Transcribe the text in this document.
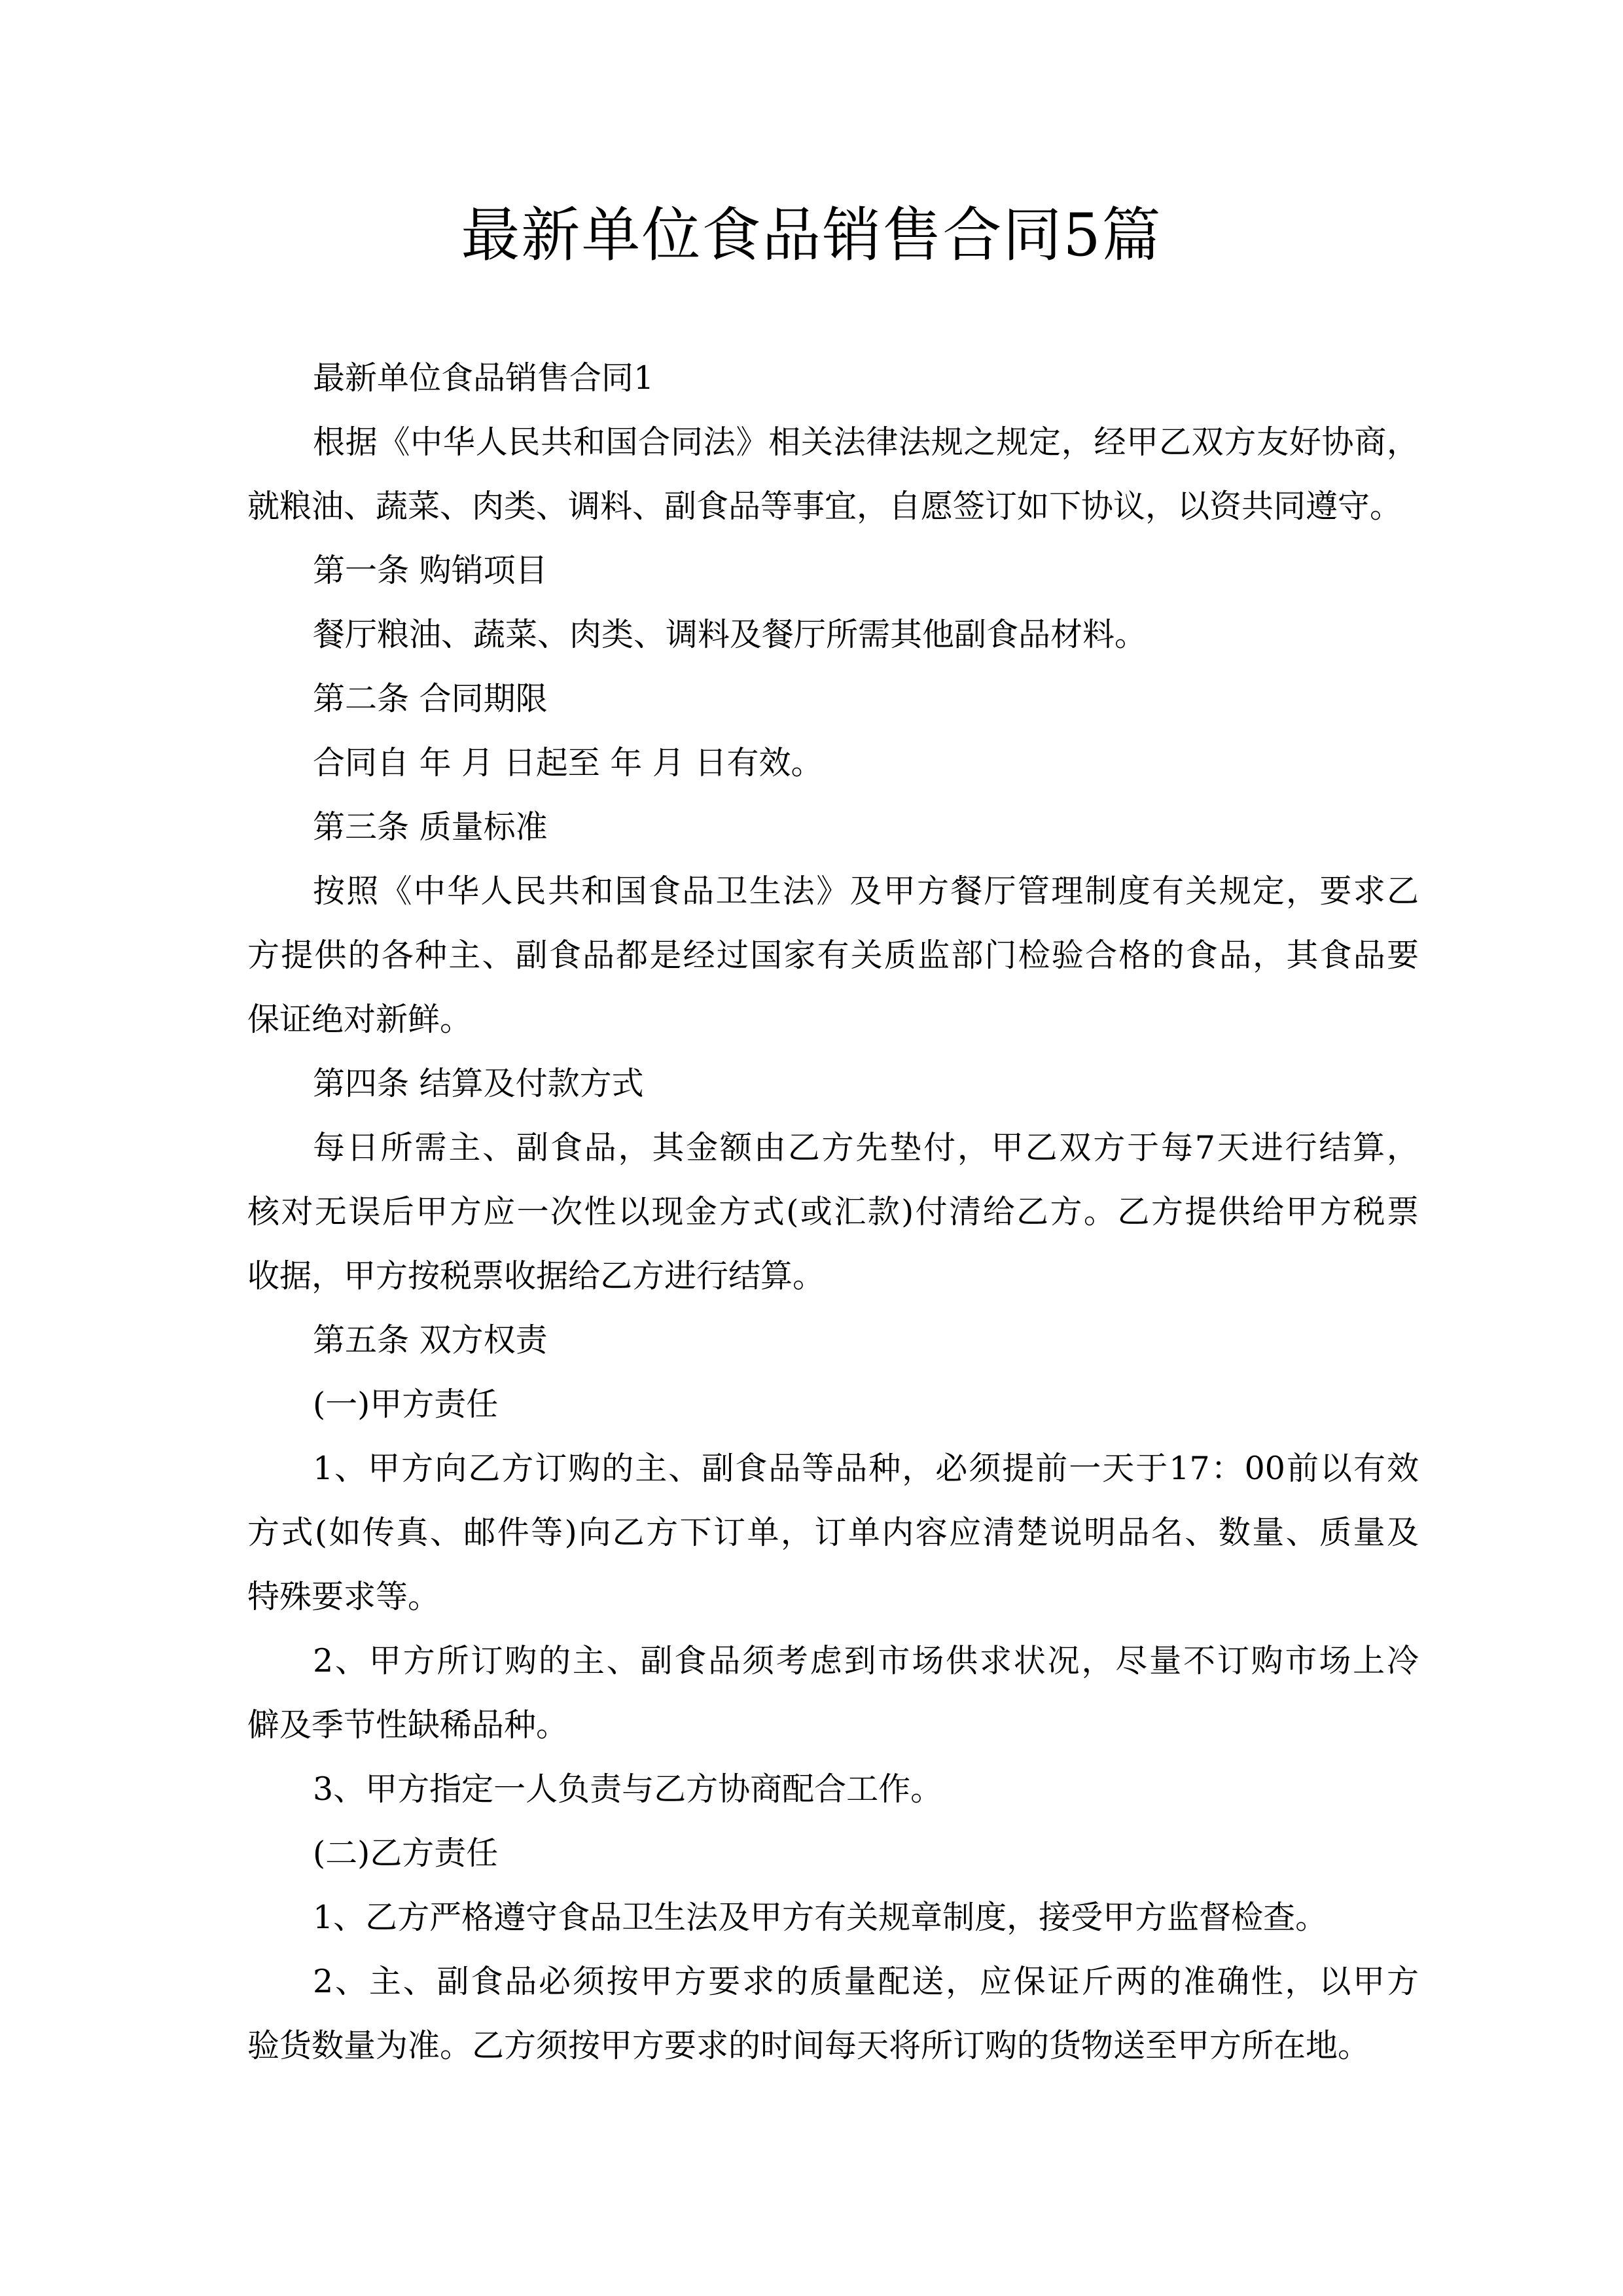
最新单位食品销售合同5篇
最新单位食品销售合同1
根据《中华人民共和国合同法》相关法律法规之规定，经甲乙双方友好协商，
就粮油、蔬菜、肉类、调料、副食品等事宜，自愿签订如下协议，以资共同遵守。
第一条 购销项目
餐厅粮油、蔬菜、肉类、调料及餐厅所需其他副食品材料。
第二条 合同期限
合同自 年 月 日起至 年 月 日有效。
第三条 质量标准
按照《中华人民共和国食品卫生法》及甲方餐厅管理制度有关规定，要求乙
方提供的各种主、副食品都是经过国家有关质监部门检验合格的食品，其食品要
保证绝对新鲜。
第四条 结算及付款方式
每日所需主、副食品，其金额由乙方先垫付，甲乙双方于每7天进行结算，
核对无误后甲方应一次性以现金方式(或汇款)付清给乙方。乙方提供给甲方税票
收据，甲方按税票收据给乙方进行结算。
第五条 双方权责
(一)甲方责任
1、甲方向乙方订购的主、副食品等品种，必须提前一天于17：00前以有效
方式(如传真、邮件等)向乙方下订单，订单内容应清楚说明品名、数量、质量及
特殊要求等。
2、甲方所订购的主、副食品须考虑到市场供求状况，尽量不订购市场上冷
僻及季节性缺稀品种。
3、甲方指定一人负责与乙方协商配合工作。
(二)乙方责任
1、乙方严格遵守食品卫生法及甲方有关规章制度，接受甲方监督检查。
2、主、副食品必须按甲方要求的质量配送，应保证斤两的准确性，以甲方
验货数量为准。乙方须按甲方要求的时间每天将所订购的货物送至甲方所在地。
